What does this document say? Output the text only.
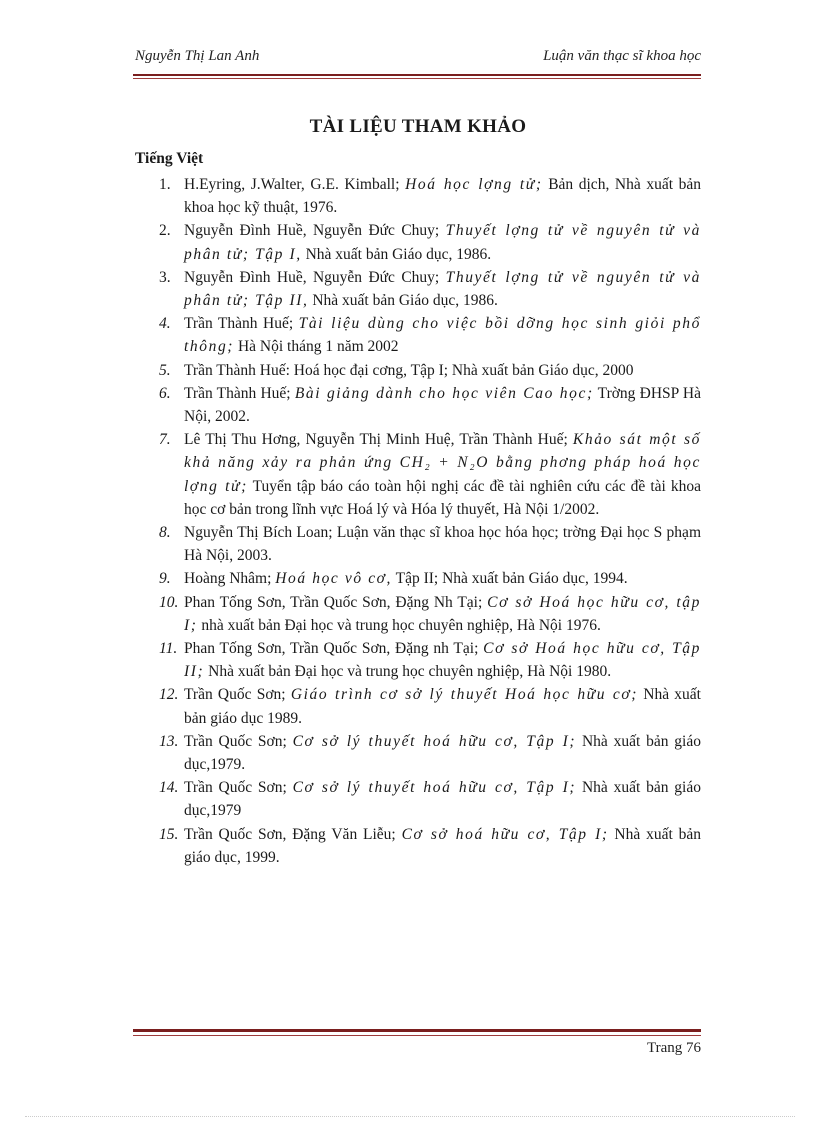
Nguyễn Thị Lan Anh	Luận văn thạc sĩ khoa học
TÀI LIỆU THAM KHẢO
Tiếng Việt
1. H.Eyring, J.Walter, G.E. Kimball; Hoá học lợng tử; Bản dịch, Nhà xuất bản khoa học kỹ thuật, 1976.
2. Nguyễn Đình Huề, Nguyễn Đức Chuy; Thuyết lợng tử về nguyên tử và phân tử; Tập I, Nhà xuất bản Giáo dục, 1986.
3. Nguyễn Đình Huề, Nguyễn Đức Chuy; Thuyết lợng tử về nguyên tử và phân tử; Tập II, Nhà xuất bản Giáo dục, 1986.
4. Trần Thành Huế; Tài liệu dùng cho việc bồi dỡng học sinh giỏi phổ thông; Hà Nội tháng 1 năm 2002
5. Trần Thành Huế: Hoá học đại cơng, Tập I; Nhà xuất bản Giáo dục, 2000
6. Trần Thành Huế; Bài giảng dành cho học viên Cao học; Trờng ĐHSP Hà Nội, 2002.
7. Lê Thị Thu Hơng, Nguyễn Thị Minh Huệ, Trần Thành Huế; Khảo sát một số khả năng xảy ra phản ứng CH₂ + N₂O bằng phơng pháp hoá học lợng tử; Tuyển tập báo cáo toàn hội nghị các đề tài nghiên cứu các đề tài khoa học cơ bản trong lĩnh vực Hoá lý và Hóa lý thuyết, Hà Nội 1/2002.
8. Nguyễn Thị Bích Loan; Luận văn thạc sĩ khoa học hóa học; trờng Đại học S phạm Hà Nội, 2003.
9. Hoàng Nhâm; Hoá học vô cơ, Tập II; Nhà xuất bản Giáo dục, 1994.
10. Phan Tống Sơn, Trần Quốc Sơn, Đặng Nh Tại; Cơ sở Hoá học hữu cơ, tập I; nhà xuất bản Đại học và trung học chuyên nghiệp, Hà Nội 1976.
11. Phan Tống Sơn, Trần Quốc Sơn, Đặng nh Tại; Cơ sở Hoá học hữu cơ, Tập II; Nhà xuất bản Đại học và trung học chuyên nghiệp, Hà Nội 1980.
12. Trần Quốc Sơn; Giáo trình cơ sở lý thuyết Hoá học hữu cơ; Nhà xuất bản giáo dục 1989.
13. Trần Quốc Sơn; Cơ sở lý thuyết hoá hữu cơ, Tập I; Nhà xuất bản giáo dục,1979.
14. Trần Quốc Sơn; Cơ sở lý thuyết hoá hữu cơ, Tập I; Nhà xuất bản giáo dục,1979
15. Trần Quốc Sơn, Đặng Văn Liễu; Cơ sở hoá hữu cơ, Tập I; Nhà xuất bản giáo dục, 1999.
Trang 76
